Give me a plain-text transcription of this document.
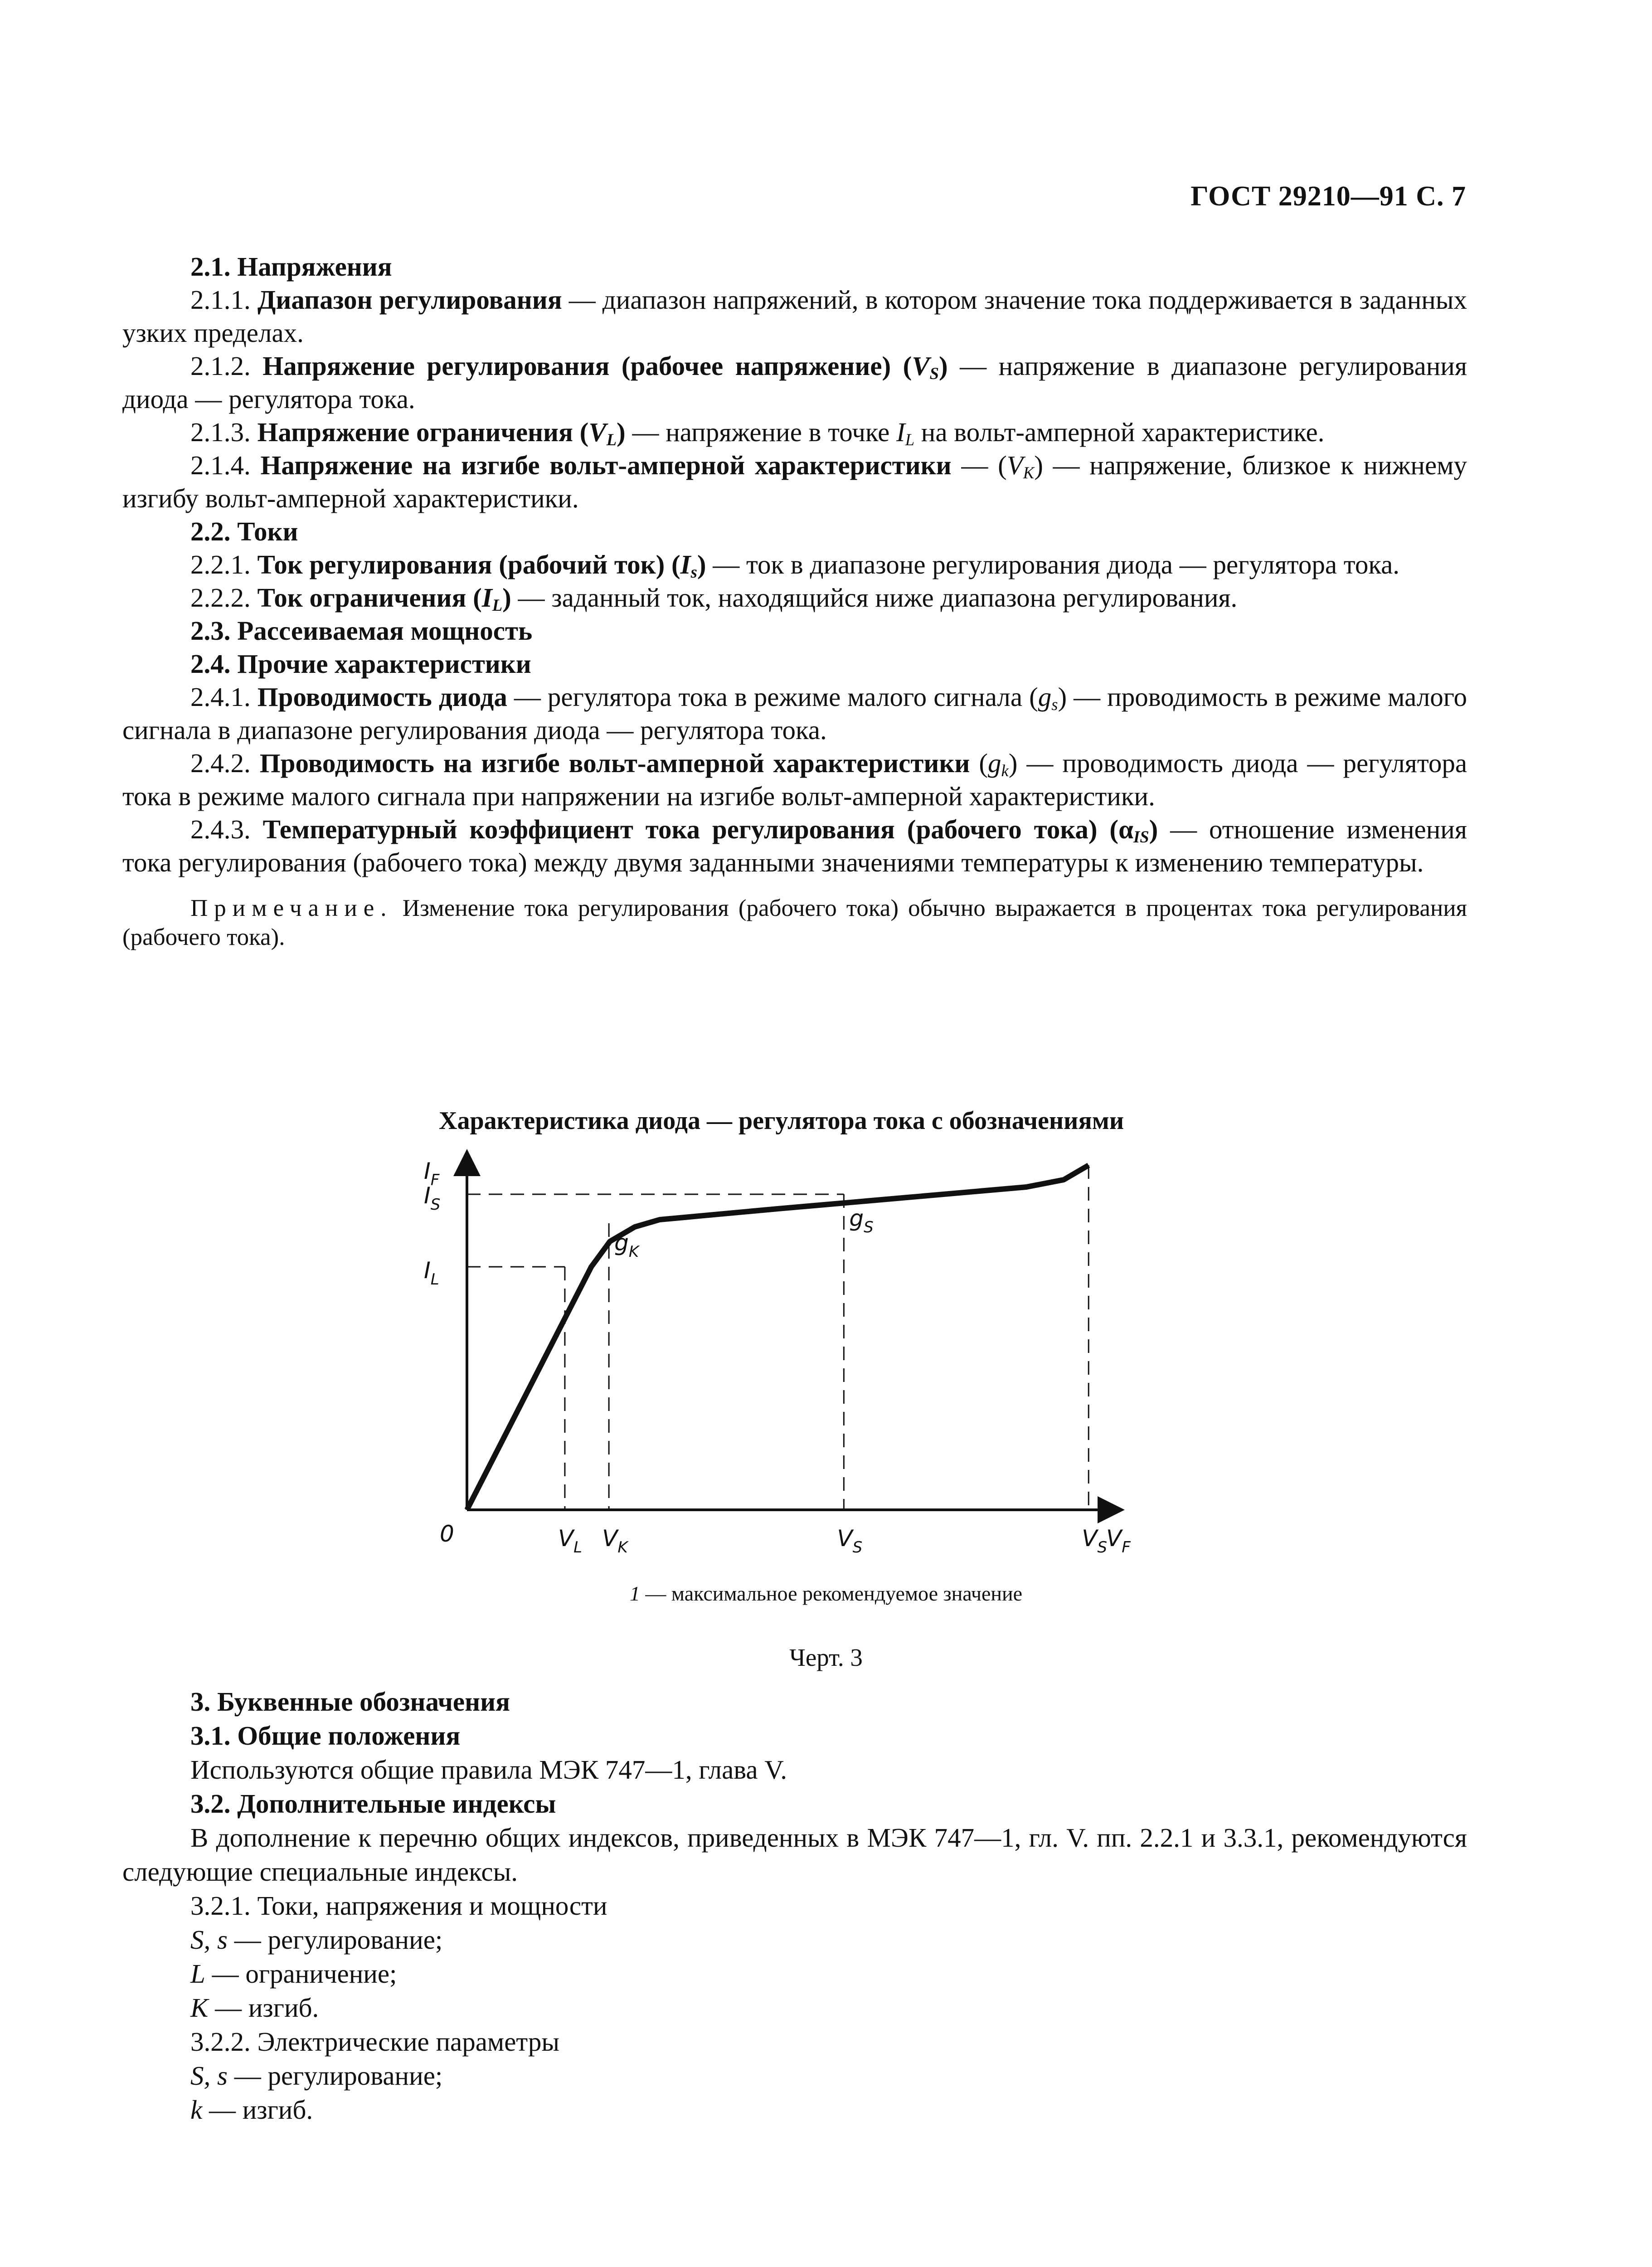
ГОСТ 29210—91 С. 7

2.1. Напряжения

2.1.1. Диапазон регулирования — диапазон напряжений, в котором значение тока поддерживается в заданных узких пределах.

2.1.2. Напряжение регулирования (рабочее напряжение) $(V_S)$ — напряжение в диапазоне регулирования диода — регулятора тока.

2.1.3. Напряжение ограничения $(V_L)$ — напряжение в точке $I_L$ на вольт-амперной характеристике.

2.1.4. Напряжение на изгибе вольт-амперной характеристики — $(V_K)$ — напряжение, близкое к нижнему изгибу вольт-амперной характеристики.

2.2. Токи

2.2.1. Ток регулирования (рабочий ток) $(I_s)$ — ток в диапазоне регулирования диода — регулятора тока.

2.2.2. Ток ограничения $(I_L)$ — заданный ток, находящийся ниже диапазона регулирования.

2.3. Рассеиваемая мощность

2.4. Прочие характеристики

2.4.1. Проводимость диода — регулятора тока в режиме малого сигнала $(g_s)$ — проводимость в режиме малого сигнала в диапазоне регулирования диода — регулятора тока.

2.4.2. Проводимость на изгибе вольт-амперной характеристики $(g_k)$ — проводимость диода — регулятора тока в режиме малого сигнала при напряжении на изгибе вольт-амперной характеристики.

2.4.3. Температурный коэффициент тока регулирования (рабочего тока) $(\alpha_{IS})$ — отношение изменения тока регулирования (рабочего тока) между двумя заданными значениями температуры к изменению температуры.

Примечание. Изменение тока регулирования (рабочего тока) обычно выражается в процентах тока регулирования (рабочего тока).

Характеристика диода — регулятора тока с обозначениями
$I_F$
$V_F$
0
$I_S$
$I_L$
$V_L$ $V_K$	$V_S$	$V_S$
$g_K$
$g_S$
1 — максимальное рекомендуемое значение
Черт. 3

3. Буквенные обозначения

3.1. Общие положения

Используются общие правила МЭК 747—1, глава V.

3.2. Дополнительные индексы

В дополнение к перечню общих индексов, приведенных в МЭК 747—1, гл. V. пп. 2.2.1 и 3.3.1, рекомендуются следующие специальные индексы.

3.2.1. Токи, напряжения и мощности

S, s — регулирование;

L — ограничение;

K — изгиб.

3.2.2. Электрические параметры

S, s — регулирование;

k — изгиб.
